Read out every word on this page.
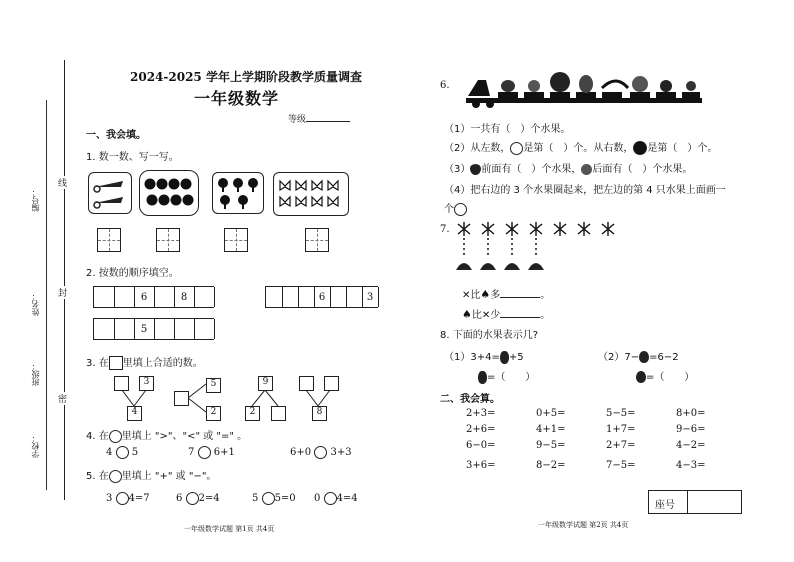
编号：
线
姓名： 封
班级：
密
学校：
2024-2025 学年上学期阶段教学质量调查
一年级数学
等级
一、我会填。
1. 数一数、写一写。
2. 按数的顺序填空。
6	8	6	3
5
3. 在 里填上合适的数。
3
4
5
2
9
2	8
4. 在 里填上 ">"、"<" 或 "=" 。
4 5	7 6+1	6+0 3+3
5. 在 里填上 "+" 或 "−"。
3 4=7	6 2=4	5 5=0 0 4=4
一年级数学试题 第1页 共4页
6.
（1）一共有（　）个水果。
（2）从左数， 是第（　）个。从右数， 是第（　）个。
（3） 前面有（　）个水果， 后面有（　）个水果。
（4）把右边的 3 个水果圈起来，把左边的第 4 只水果上面画一
个
7.
✕比♠多	。
♠比✕少	。
8. 下面的水果表示几?
（1）3+4= +5
=（　　）
（2）7− =6−2
=（　　）
二、我会算。
2+3=	0+5=	5−5=	8+0=
2+6=	4+1=	1+7=	9−6=
6−0=	9−5=	2+7=	4−2=
3+6=	8−2=	7−5=	4−3=
座号
一年级数学试题 第2页 共4页
